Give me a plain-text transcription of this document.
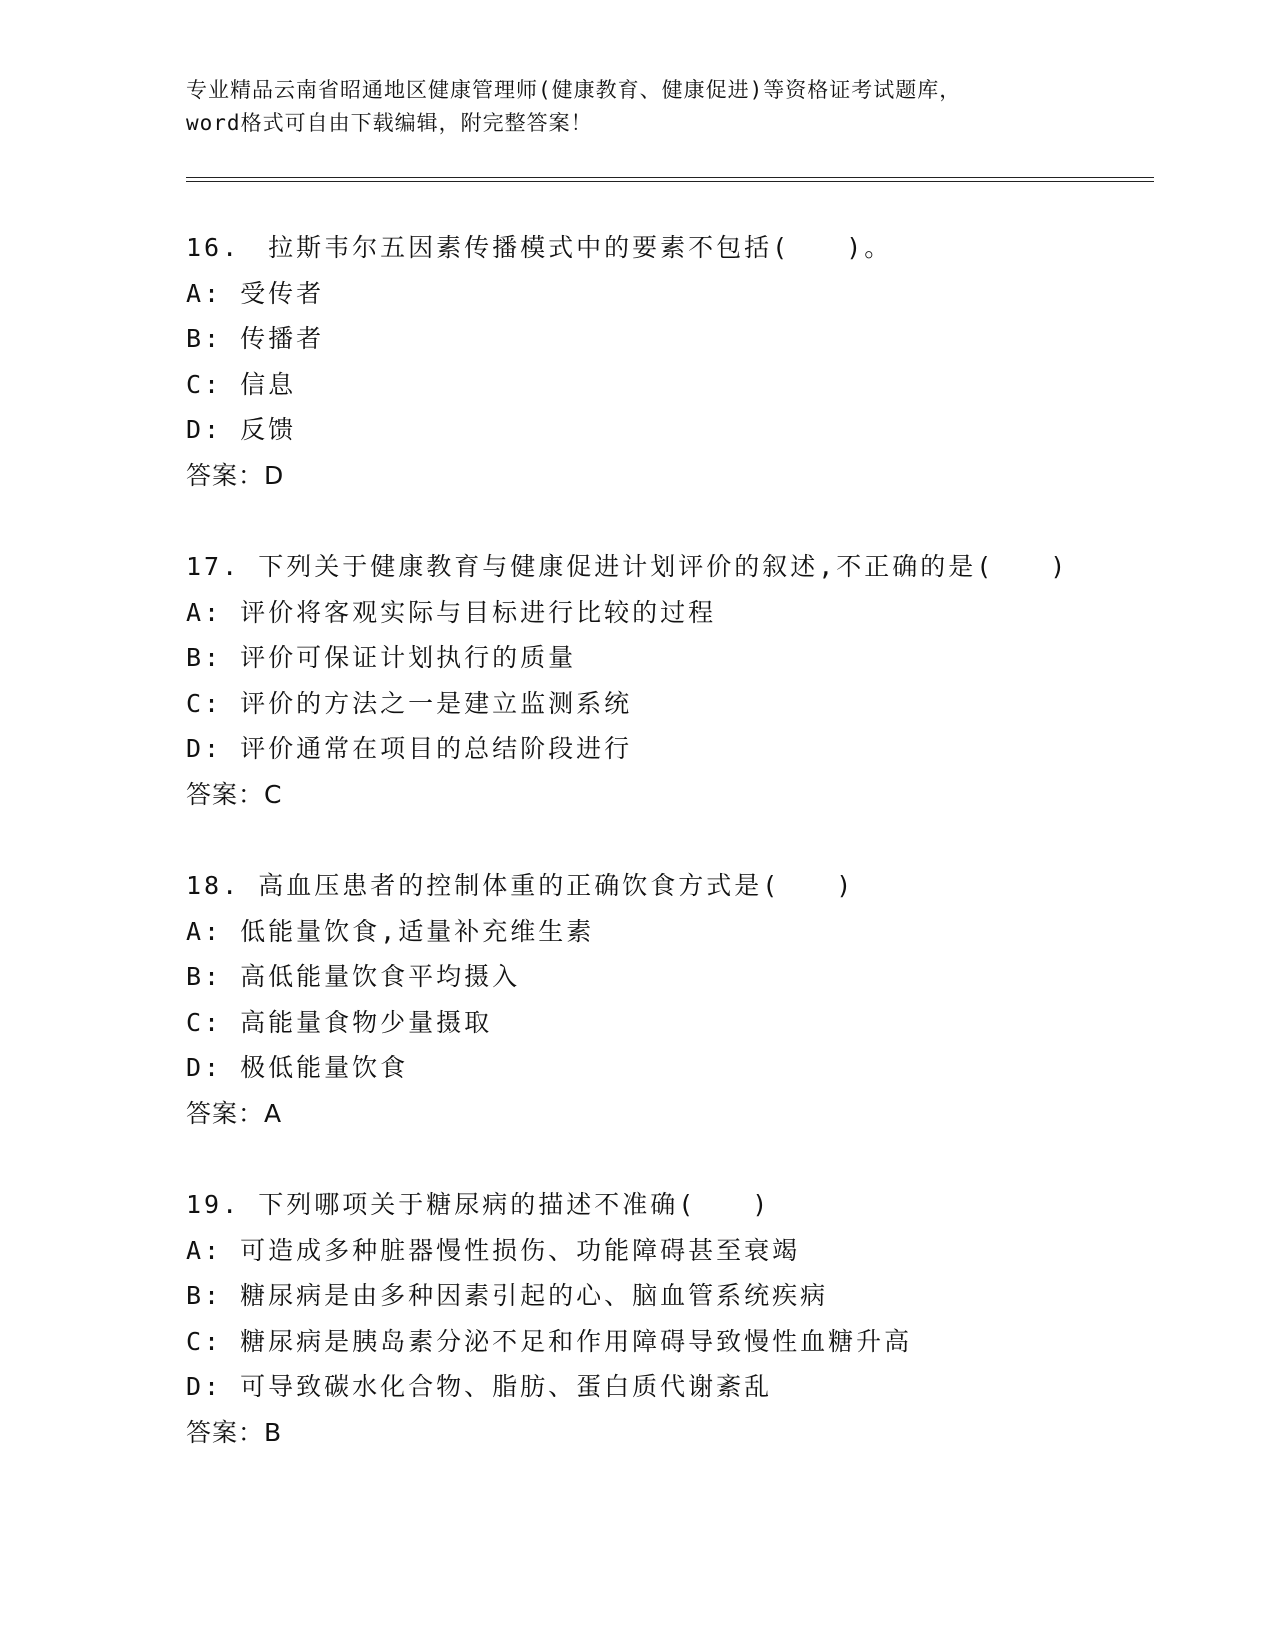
专业精品云南省昭通地区健康管理师(健康教育、健康促进)等资格证考试题库，
word格式可自由下载编辑，附完整答案！
16.　拉斯韦尔五因素传播模式中的要素不包括(　　)。
A: 受传者
B: 传播者
C: 信息
D: 反馈
答案：D
17. 下列关于健康教育与健康促进计划评价的叙述,不正确的是(　　)
A: 评价将客观实际与目标进行比较的过程
B: 评价可保证计划执行的质量
C: 评价的方法之一是建立监测系统
D: 评价通常在项目的总结阶段进行
答案：C
18. 高血压患者的控制体重的正确饮食方式是(　　)
A: 低能量饮食,适量补充维生素
B: 高低能量饮食平均摄入
C: 高能量食物少量摄取
D: 极低能量饮食
答案：A
19. 下列哪项关于糖尿病的描述不准确(　　)
A: 可造成多种脏器慢性损伤、功能障碍甚至衰竭
B: 糖尿病是由多种因素引起的心、脑血管系统疾病
C: 糖尿病是胰岛素分泌不足和作用障碍导致慢性血糖升高
D: 可导致碳水化合物、脂肪、蛋白质代谢紊乱
答案：B
